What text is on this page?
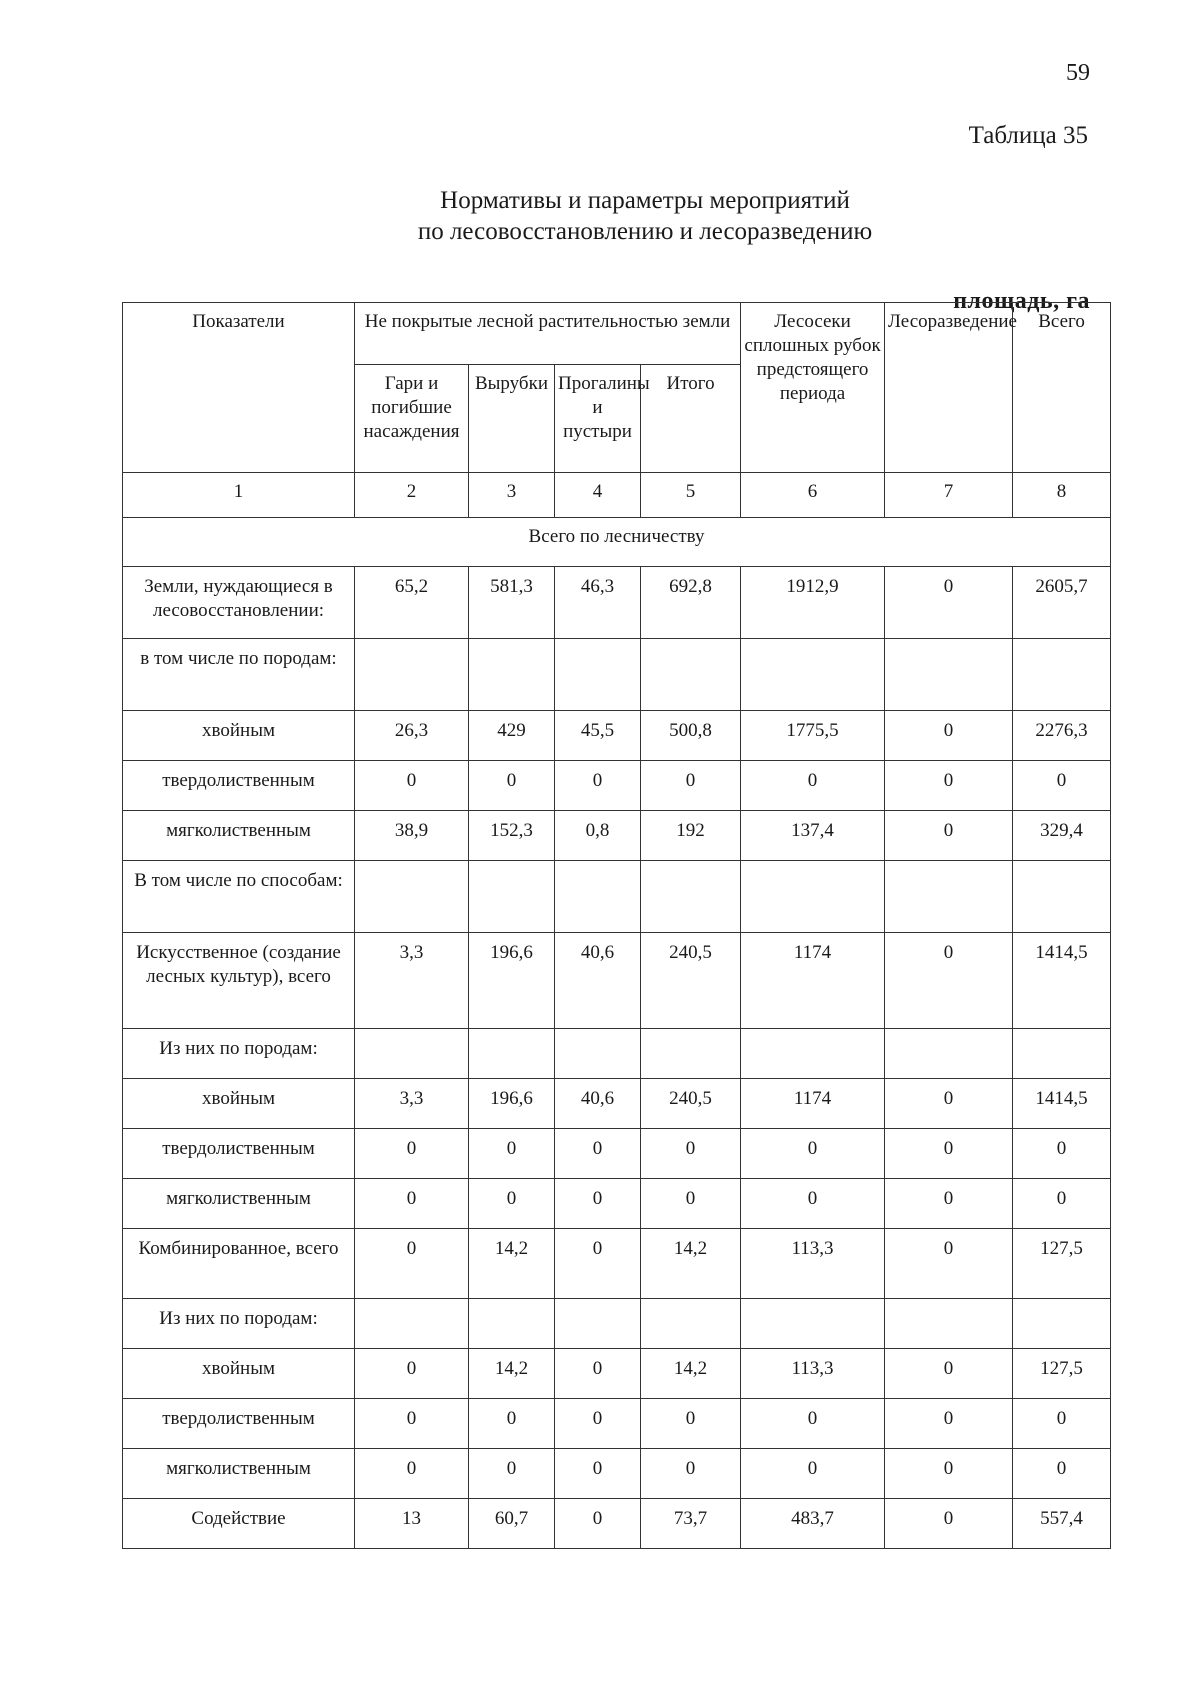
59
Таблица 35
Нормативы и параметры мероприятий
по лесовосстановлению и лесоразведению
площадь, га
Показатели	Не покрытые лесной растительностью земли				Лесосеки сплошных рубок предстоящего периода	Лесоразведение	Всего
	Гари и погибшие насаждения	Вырубки	Прогалины и пустыри	Итого			
1	2	3	4	5	6	7	8
Всего по лесничеству							
Земли, нуждающиеся в лесовосстановлении:	65,2	581,3	46,3	692,8	1912,9	0	2605,7
в том числе по породам:							
хвойным	26,3	429	45,5	500,8	1775,5	0	2276,3
твердолиственным	0	0	0	0	0	0	0
мягколиственным	38,9	152,3	0,8	192	137,4	0	329,4
В том числе по способам:							
Искусственное (создание лесных культур), всего	3,3	196,6	40,6	240,5	1174	0	1414,5
Из них по породам:							
хвойным	3,3	196,6	40,6	240,5	1174	0	1414,5
твердолиственным	0	0	0	0	0	0	0
мягколиственным	0	0	0	0	0	0	0
Комбинированное, всего	0	14,2	0	14,2	113,3	0	127,5
Из них по породам:							
хвойным	0	14,2	0	14,2	113,3	0	127,5
твердолиственным	0	0	0	0	0	0	0
мягколиственным	0	0	0	0	0	0	0
Содействие	13	60,7	0	73,7	483,7	0	557,4
